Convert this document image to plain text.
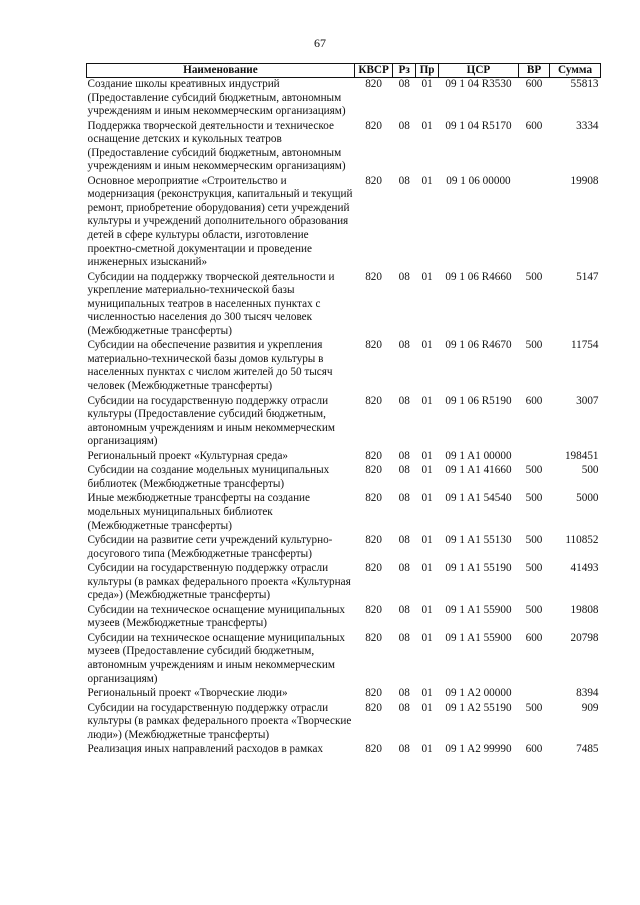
67
Наименование	КВСР	Рз	Пр	ЦСР	ВР	Сумма
Создание школы креативных индустрий (Предоставление субсидий бюджетным, автономным учреждениям и иным некоммерческим организациям)	820	08	01	09 1 04 R3530	600	55813
Поддержка творческой деятельности и техническое оснащение детских и кукольных театров (Предоставление субсидий бюджетным, автономным учреждениям и иным некоммерческим организациям)	820	08	01	09 1 04 R5170	600	3334
Основное мероприятие «Строительство и модернизация (реконструкция, капитальный и текущий ремонт, приобретение оборудования) сети учреждений культуры и учреждений дополнительного образования детей в сфере культуры области, изготовление проектно-сметной документации и проведение инженерных изысканий»	820	08	01	09 1 06 00000		19908
Субсидии на поддержку творческой деятельности и укрепление материально-технической базы муниципальных театров в населенных пунктах с численностью населения до 300 тысяч человек (Межбюджетные трансферты)	820	08	01	09 1 06 R4660	500	5147
Субсидии на обеспечение развития и укрепления материально-технической базы домов культуры в населенных пунктах с числом жителей до 50 тысяч человек (Межбюджетные трансферты)	820	08	01	09 1 06 R4670	500	11754
Субсидии на государственную поддержку отрасли культуры (Предоставление субсидий бюджетным, автономным учреждениям и иным некоммерческим организациям)	820	08	01	09 1 06 R5190	600	3007
Региональный проект «Культурная среда»	820	08	01	09 1 A1 00000		198451
Субсидии на создание модельных муниципальных библиотек (Межбюджетные трансферты)	820	08	01	09 1 A1 41660	500	500
Иные межбюджетные трансферты на создание модельных муниципальных библиотек (Межбюджетные трансферты)	820	08	01	09 1 A1 54540	500	5000
Субсидии на развитие сети учреждений культурно-досугового типа (Межбюджетные трансферты)	820	08	01	09 1 A1 55130	500	110852
Субсидии на государственную поддержку отрасли культуры (в рамках федерального проекта «Культурная среда») (Межбюджетные трансферты)	820	08	01	09 1 A1 55190	500	41493
Субсидии на техническое оснащение муниципальных музеев (Межбюджетные трансферты)	820	08	01	09 1 A1 55900	500	19808
Субсидии на техническое оснащение муниципальных музеев (Предоставление субсидий бюджетным, автономным учреждениям и иным некоммерческим организациям)	820	08	01	09 1 A1 55900	600	20798
Региональный проект «Творческие люди»	820	08	01	09 1 A2 00000		8394
Субсидии на государственную поддержку отрасли культуры (в рамках федерального проекта «Творческие люди») (Межбюджетные трансферты)	820	08	01	09 1 A2 55190	500	909
Реализация иных направлений расходов в рамках	820	08	01	09 1 A2 99990	600	7485
